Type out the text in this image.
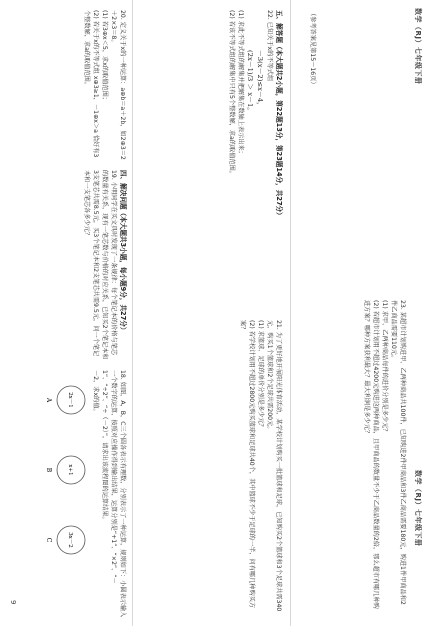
数学（RJ）七年级下册
数学（RJ）七年级下册

23. 某超市计划购进甲、乙两种商品共100件，已知购进2件甲商品和3件乙商品需要180元，购进1件甲商品和2件乙商品需要110元。

(1) 求甲、乙两种商品每件的进价分别是多少元？

(2) 若超市计划用不超过4200元购进这两种商品，且甲商品的数量不少于乙商品数量的2倍，那么超市有哪几种购进方案？哪种方案获利最大？最大利润是多少元？

（参考答案见第15～16页）

五、解答题（本大题共2小题，第22题13分，第23题14分，共27分）

22. 已知关于x的不等式组

－3(x－2)≤x－4，
(2x－1)/3 ＞ x－1。

(1) 求此不等式组的解集并把解集在数轴上表示出来；

(2) 若该不等式组的解集中只有5个整数解，求a的取值范围。

21. 为了更好地开展阳光体育活动，某学校计划购买一批篮球和足球，已知购买2个篮球和3个足球共需340元，购买1个篮球和2个足球共需200元。

(1) 求篮球、足球的单价分别是多少元？

(2) 若学校计划用不超过2800元购买篮球和足球共40个，其中篮球不少于足球的一半，问有哪几种购买方案？

20. 定义关于x的一种运算：a⊕b＝a＋2b，如2⊕3＝2＋2×3＝8。

(1) 若3⊕x＜5，求x的取值范围；

(2) 若关于x的不等式组 x⊕3≥1，－1⊕x＞a 恰好有3个整数解，求a的取值范围。

四、解决问题（本大题共3小题，每小题9分，共27分）

19. 小明同学在买文具时发现了一条规律：每个笔记本的价格与笔芯的数量有关系，现有一笔芯数与价格的对应关系，已知买2个笔记本和3支笔芯共需8.5元，买3个笔记本和2支笔芯共需9.5元，问一个笔记本和一支笔芯各多少元？

18. 如图，A，B，C三个圆各表示有理数，分别表示了一种运算，规则如下：小圆表示输入一个数字的运算，按照对应操作得到输出结果，运算分别是“+1”、“×2”、“－1”、“÷2”、“÷（－2）”，请求出该流程图的运算结果。

－2，求x的值。

2x－1
A
x+1
B
3x－2
C
9
